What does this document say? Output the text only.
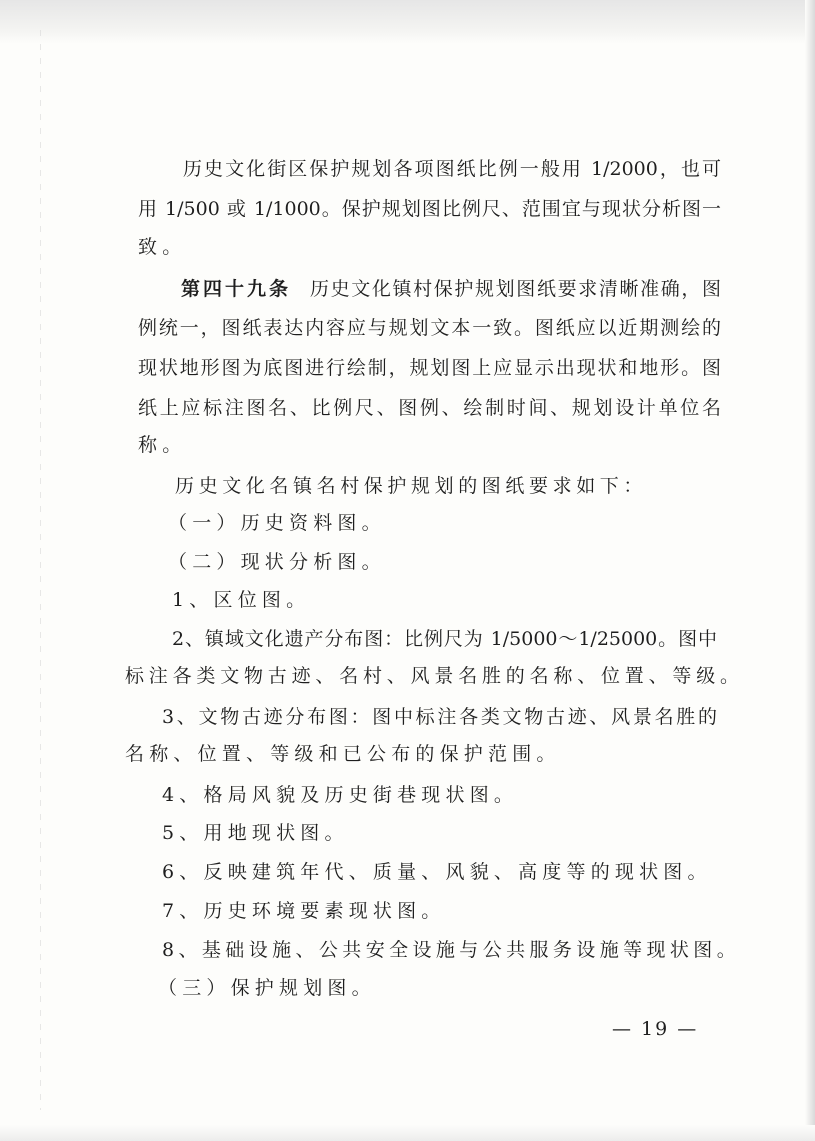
历史文化街区保护规划各项图纸比例一般用 1/2000，也可
用 1/500 或 1/1000。保护规划图比例尺、范围宜与现状分析图一
致。
第四十九条 历史文化镇村保护规划图纸要求清晰准确，图
例统一，图纸表达内容应与规划文本一致。图纸应以近期测绘的
现状地形图为底图进行绘制，规划图上应显示出现状和地形。图
纸上应标注图名、比例尺、图例、绘制时间、规划设计单位名
称。
历史文化名镇名村保护规划的图纸要求如下：
（一）历史资料图。
（二）现状分析图。
1、区位图。
2、镇域文化遗产分布图：比例尺为 1/5000～1/25000。图中
标注各类文物古迹、名村、风景名胜的名称、位置、等级。
3、文物古迹分布图：图中标注各类文物古迹、风景名胜的
名称、位置、等级和已公布的保护范围。
4、格局风貌及历史街巷现状图。
5、用地现状图。
6、反映建筑年代、质量、风貌、高度等的现状图。
7、历史环境要素现状图。
8、基础设施、公共安全设施与公共服务设施等现状图。
（三）保护规划图。
— 19 —
